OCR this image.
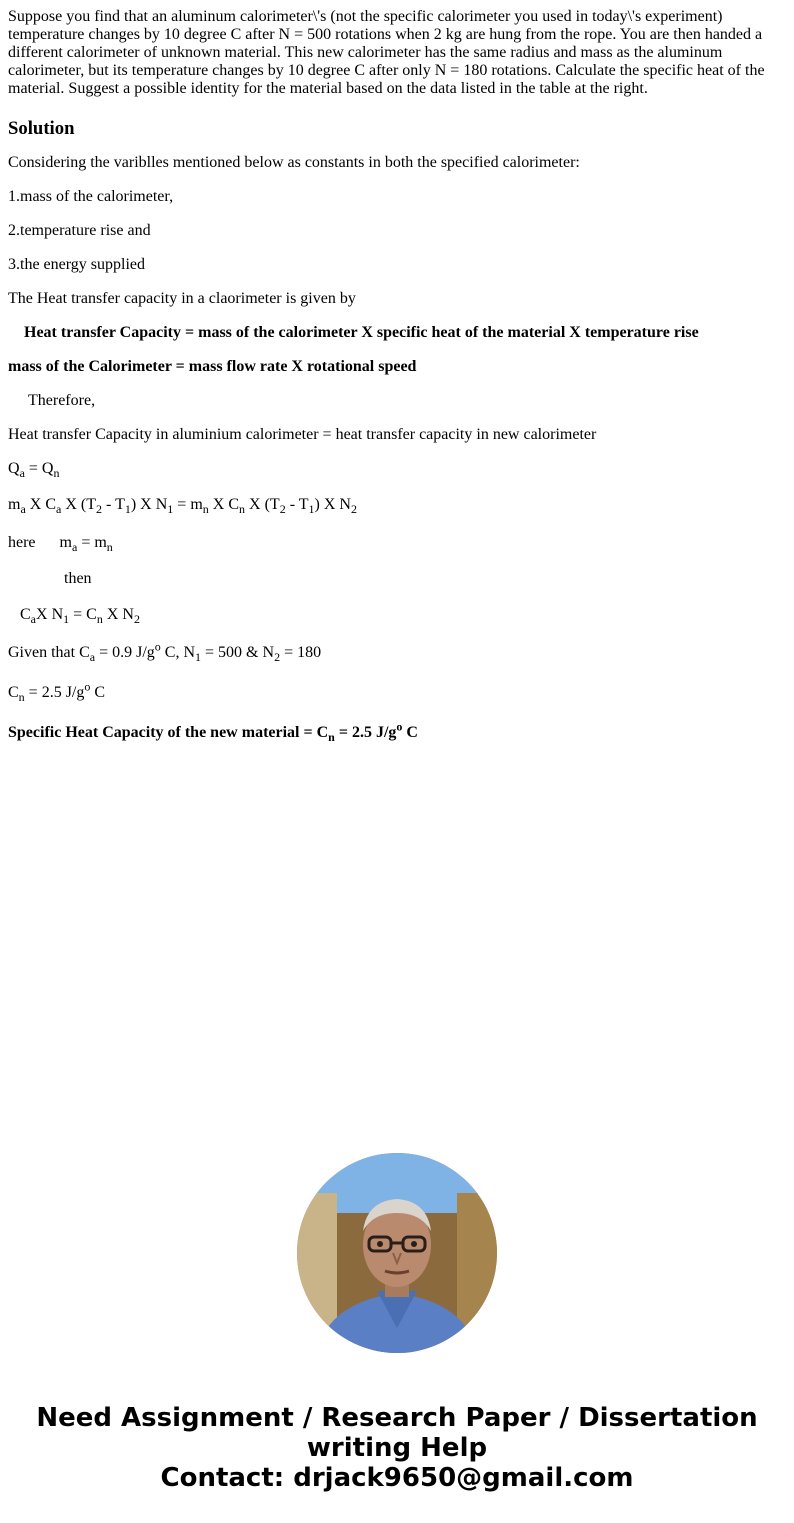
Suppose you find that an aluminum calorimeter\'s (not the specific calorimeter you used in today\'s experiment) temperature changes by 10 degree C after N = 500 rotations when 2 kg are hung from the rope. You are then handed a different calorimeter of unknown material. This new calorimeter has the same radius and mass as the aluminum calorimeter, but its temperature changes by 10 degree C after only N = 180 rotations. Calculate the specific heat of the material. Suggest a possible identity for the material based on the data listed in the table at the right.

Solution

Considering the variblles mentioned below as constants in both the specified calorimeter:

1.mass of the calorimeter,

2.temperature rise and

3.the energy supplied

The Heat transfer capacity in a claorimeter is given by

Heat transfer Capacity = mass of the calorimeter X specific heat of the material X temperature rise

mass of the Calorimeter = mass flow rate X rotational speed

Therefore,

Heat transfer Capacity in aluminium calorimeter = heat transfer capacity in new calorimeter

$Q_a = Q_n$

$m_a$ X $C_a$ X $(T_2 - T_1)$ X $N_1 = m_n$ X $C_n$ X $(T_2 - T_1)$ X $N_2$

here $m_a = m_n$

then

$C_aX$ $N_1 = C_n$ X $N_2$

Given that $C_a = 0.9$ $J/g^o$ C, $N_1 = 500$ & $N_2 = 180$

$C_n = 2.5$ $J/g^o$ C

Specific Heat Capacity of the new material = $C_n = 2.5$ $J/g^o$ C

Need Assignment / Research Paper / Dissertation
writing Help
Contact: drjack9650@gmail.com
